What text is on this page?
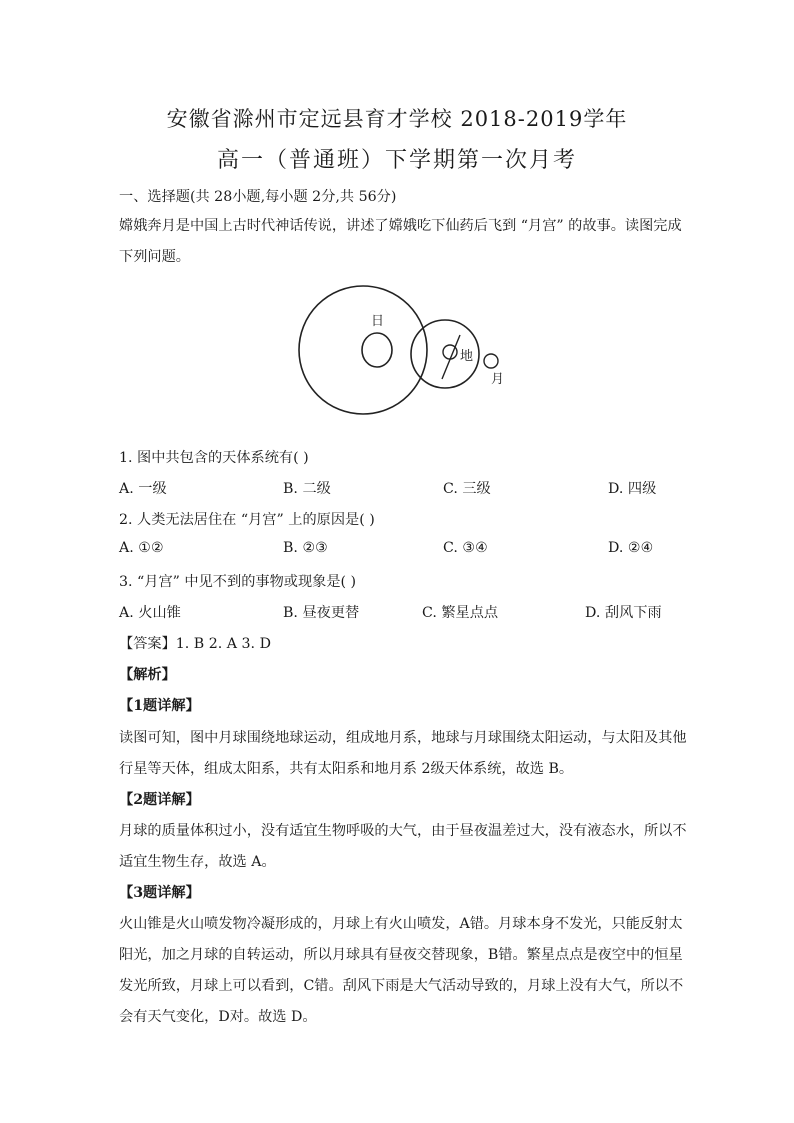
安徽省滁州市定远县育才学校 2018-2019学年
高一（普通班）下学期第一次月考
一、选择题(共 28小题,每小题 2分,共 56分)
嫦娥奔月是中国上古时代神话传说，讲述了嫦娥吃下仙药后飞到 “月宫” 的故事。读图完成
下列问题。
日
地
月
1. 图中共包含的天体系统有( )
A. 一级	B. 二级	C. 三级	D. 四级
2. 人类无法居住在 “月宫” 上的原因是( )
A. ①②	B. ②③	C. ③④	D. ②④
3. “月宫” 中见不到的事物或现象是( )
A. 火山锥	B. 昼夜更替	C. 繁星点点	D. 刮风下雨
【答案】1. B 2. A 3. D
【解析】
【1题详解】
读图可知，图中月球围绕地球运动，组成地月系，地球与月球围绕太阳运动，与太阳及其他
行星等天体，组成太阳系，共有太阳系和地月系 2级天体系统，故选 B。
【2题详解】
月球的质量体积过小，没有适宜生物呼吸的大气，由于昼夜温差过大，没有液态水，所以不
适宜生物生存，故选 A。
【3题详解】
火山锥是火山喷发物冷凝形成的，月球上有火山喷发，A错。月球本身不发光，只能反射太
阳光，加之月球的自转运动，所以月球具有昼夜交替现象，B错。繁星点点是夜空中的恒星
发光所致，月球上可以看到，C错。刮风下雨是大气活动导致的，月球上没有大气，所以不
会有天气变化，D对。故选 D。
